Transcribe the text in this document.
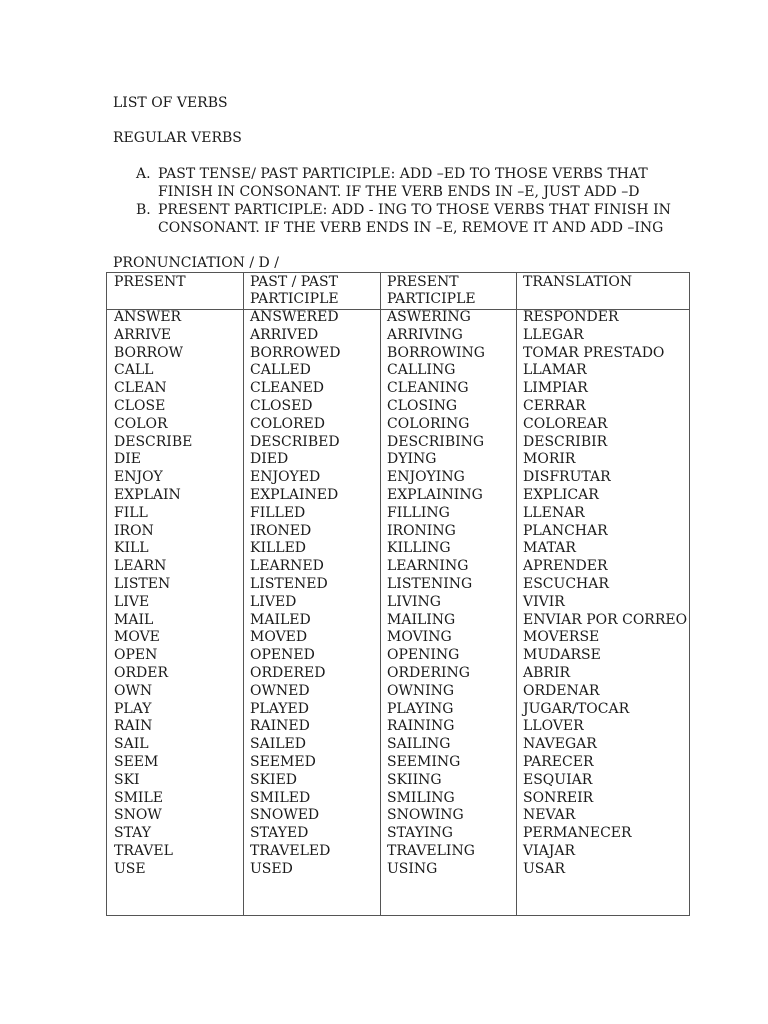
LIST OF VERBS
REGULAR VERBS
A. PAST TENSE/ PAST PARTICIPLE: ADD –ED TO THOSE VERBS THAT
FINISH IN CONSONANT. IF THE VERB ENDS IN –E, JUST ADD –D
B. PRESENT PARTICIPLE: ADD - ING TO THOSE VERBS THAT FINISH IN
CONSONANT. IF THE VERB ENDS IN –E, REMOVE IT AND ADD –ING
PRONUNCIATION / D /
PRESENT	PAST / PAST PARTICIPLE
PRESENT PARTICIPLE
TRANSLATION
ANSWER
ARRIVE
BORROW
CALL
CLEAN
CLOSE
COLOR
DESCRIBE
DIE
ENJOY
EXPLAIN
FILL
IRON
KILL
LEARN
LISTEN
LIVE
MAIL
MOVE
OPEN
ORDER
OWN
PLAY
RAIN
SAIL
SEEM
SKI
SMILE
SNOW
STAY
TRAVEL
USE
ANSWERED
ARRIVED
BORROWED
CALLED
CLEANED
CLOSED
COLORED
DESCRIBED
DIED
ENJOYED
EXPLAINED
FILLED
IRONED
KILLED
LEARNED
LISTENED
LIVED
MAILED
MOVED
OPENED
ORDERED
OWNED
PLAYED
RAINED
SAILED
SEEMED
SKIED
SMILED
SNOWED
STAYED
TRAVELED
USED
ASWERING
ARRIVING
BORROWING
CALLING
CLEANING
CLOSING
COLORING
DESCRIBING
DYING
ENJOYING
EXPLAINING
FILLING
IRONING
KILLING
LEARNING
LISTENING
LIVING
MAILING
MOVING
OPENING
ORDERING
OWNING
PLAYING
RAINING
SAILING
SEEMING
SKIING
SMILING
SNOWING
STAYING
TRAVELING
USING
RESPONDER
LLEGAR
TOMAR PRESTADO
LLAMAR
LIMPIAR
CERRAR
COLOREAR
DESCRIBIR
MORIR
DISFRUTAR
EXPLICAR
LLENAR
PLANCHAR
MATAR
APRENDER
ESCUCHAR
VIVIR
ENVIAR POR CORREO
MOVERSE
MUDARSE
ABRIR
ORDENAR
JUGAR/TOCAR
LLOVER
NAVEGAR
PARECER
ESQUIAR
SONREIR
NEVAR
PERMANECER
VIAJAR
USAR
